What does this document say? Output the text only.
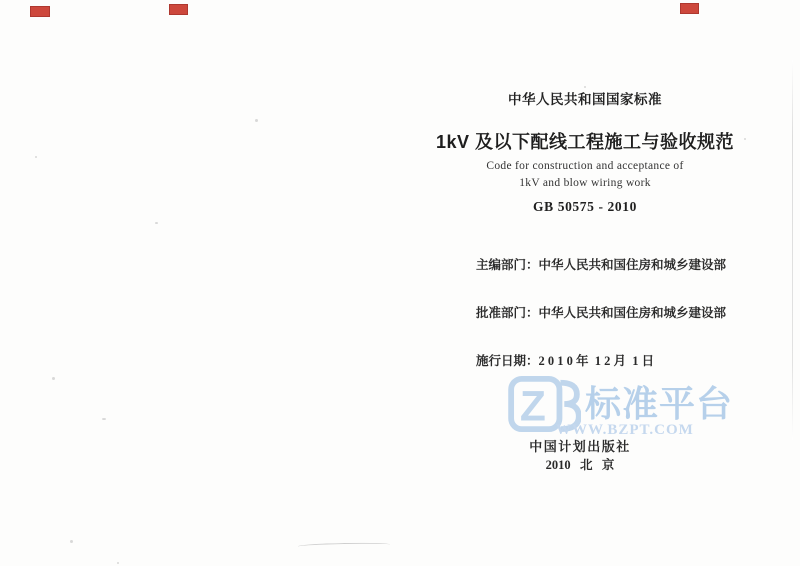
Z 标准平台
WWW.BZPT.COM
中华人民共和国国家标准
1kV 及以下配线工程施工与验收规范
Code for construction and acceptance of
1kV and blow wiring work
GB 50575 - 2010

主编部门：中华人民共和国住房和城乡建设部

批准部门：中华人民共和国住房和城乡建设部

施行日期：2 0 1 0 年  1 2 月  1 日

中国计划出版社
2010   北   京
